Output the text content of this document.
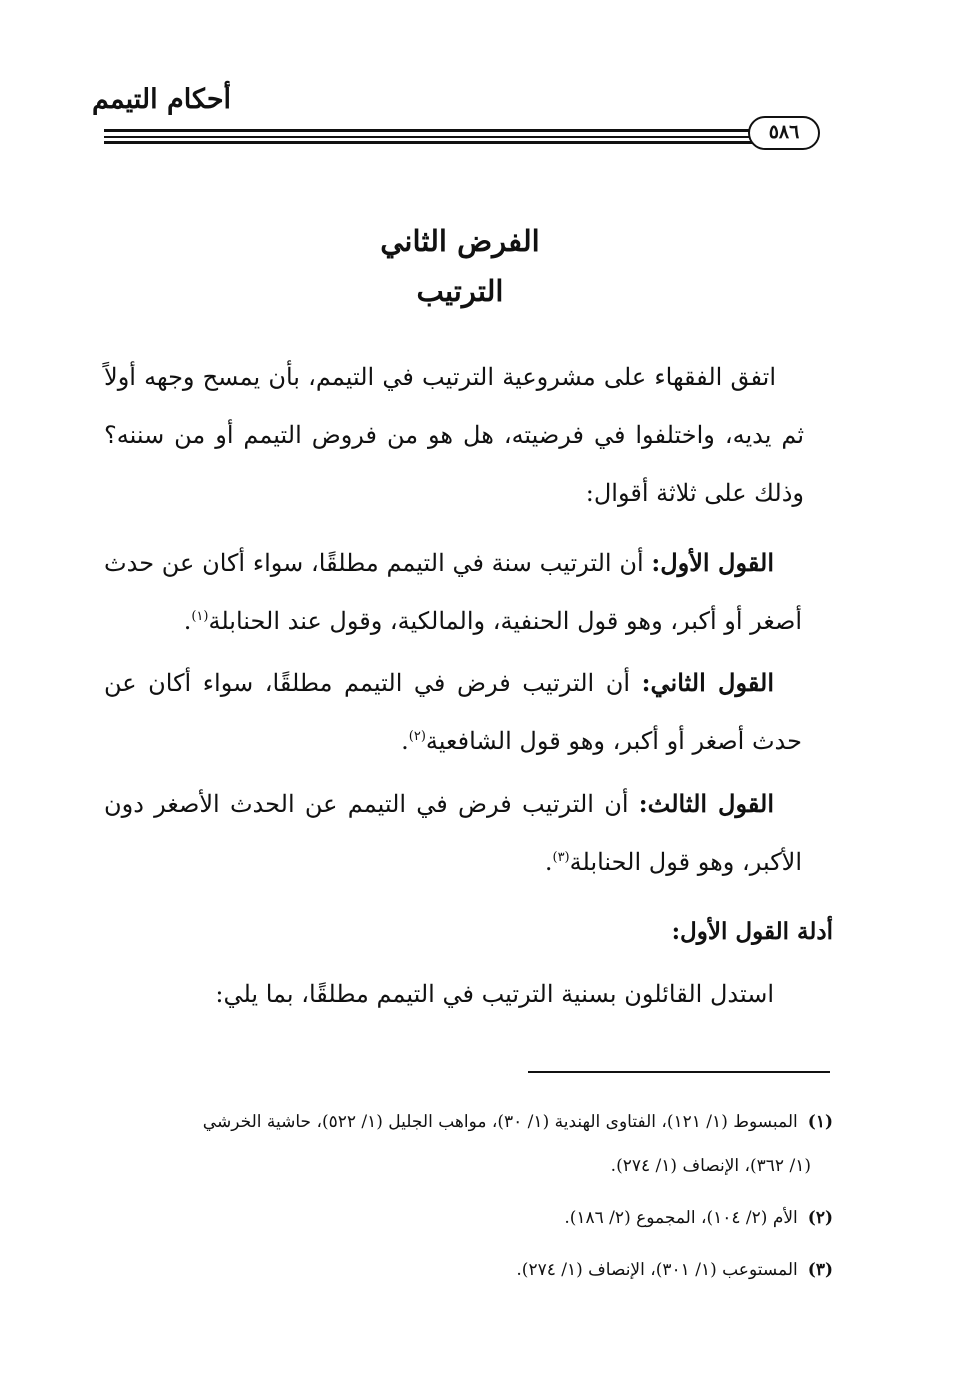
أحكام التيمم
٥٨٦
الفرض الثاني
الترتيب

اتفق الفقهاء على مشروعية الترتيب في التيمم، بأن يمسح وجهه أولاً ثم يديه، واختلفوا في فرضيته، هل هو من فروض التيمم أو من سننه؟ وذلك على ثلاثة أقوال:

القول الأول: أن الترتيب سنة في التيمم مطلقًا، سواء أكان عن حدث أصغر أو أكبر، وهو قول الحنفية، والمالكية، وقول عند الحنابلة$^{(١)}$.

القول الثاني: أن الترتيب فرض في التيمم مطلقًا، سواء أكان عن حدث أصغر أو أكبر، وهو قول الشافعية$^{(٢)}$.

القول الثالث: أن الترتيب فرض في التيمم عن الحدث الأصغر دون الأكبر، وهو قول الحنابلة$^{(٣)}$.

أدلة القول الأول:

استدل القائلون بسنية الترتيب في التيمم مطلقًا، بما يلي:

(١)المبسوط (١/ ١٢١)، الفتاوى الهندية (١/ ٣٠)، مواهب الجليل (١/ ٥٢٢)، حاشية الخرشي
(١/ ٣٦٢)، الإنصاف (١/ ٢٧٤).
(٢)الأم (٢/ ١٠٤)، المجموع (٢/ ١٨٦).
(٣)المستوعب (١/ ٣٠١)، الإنصاف (١/ ٢٧٤).
